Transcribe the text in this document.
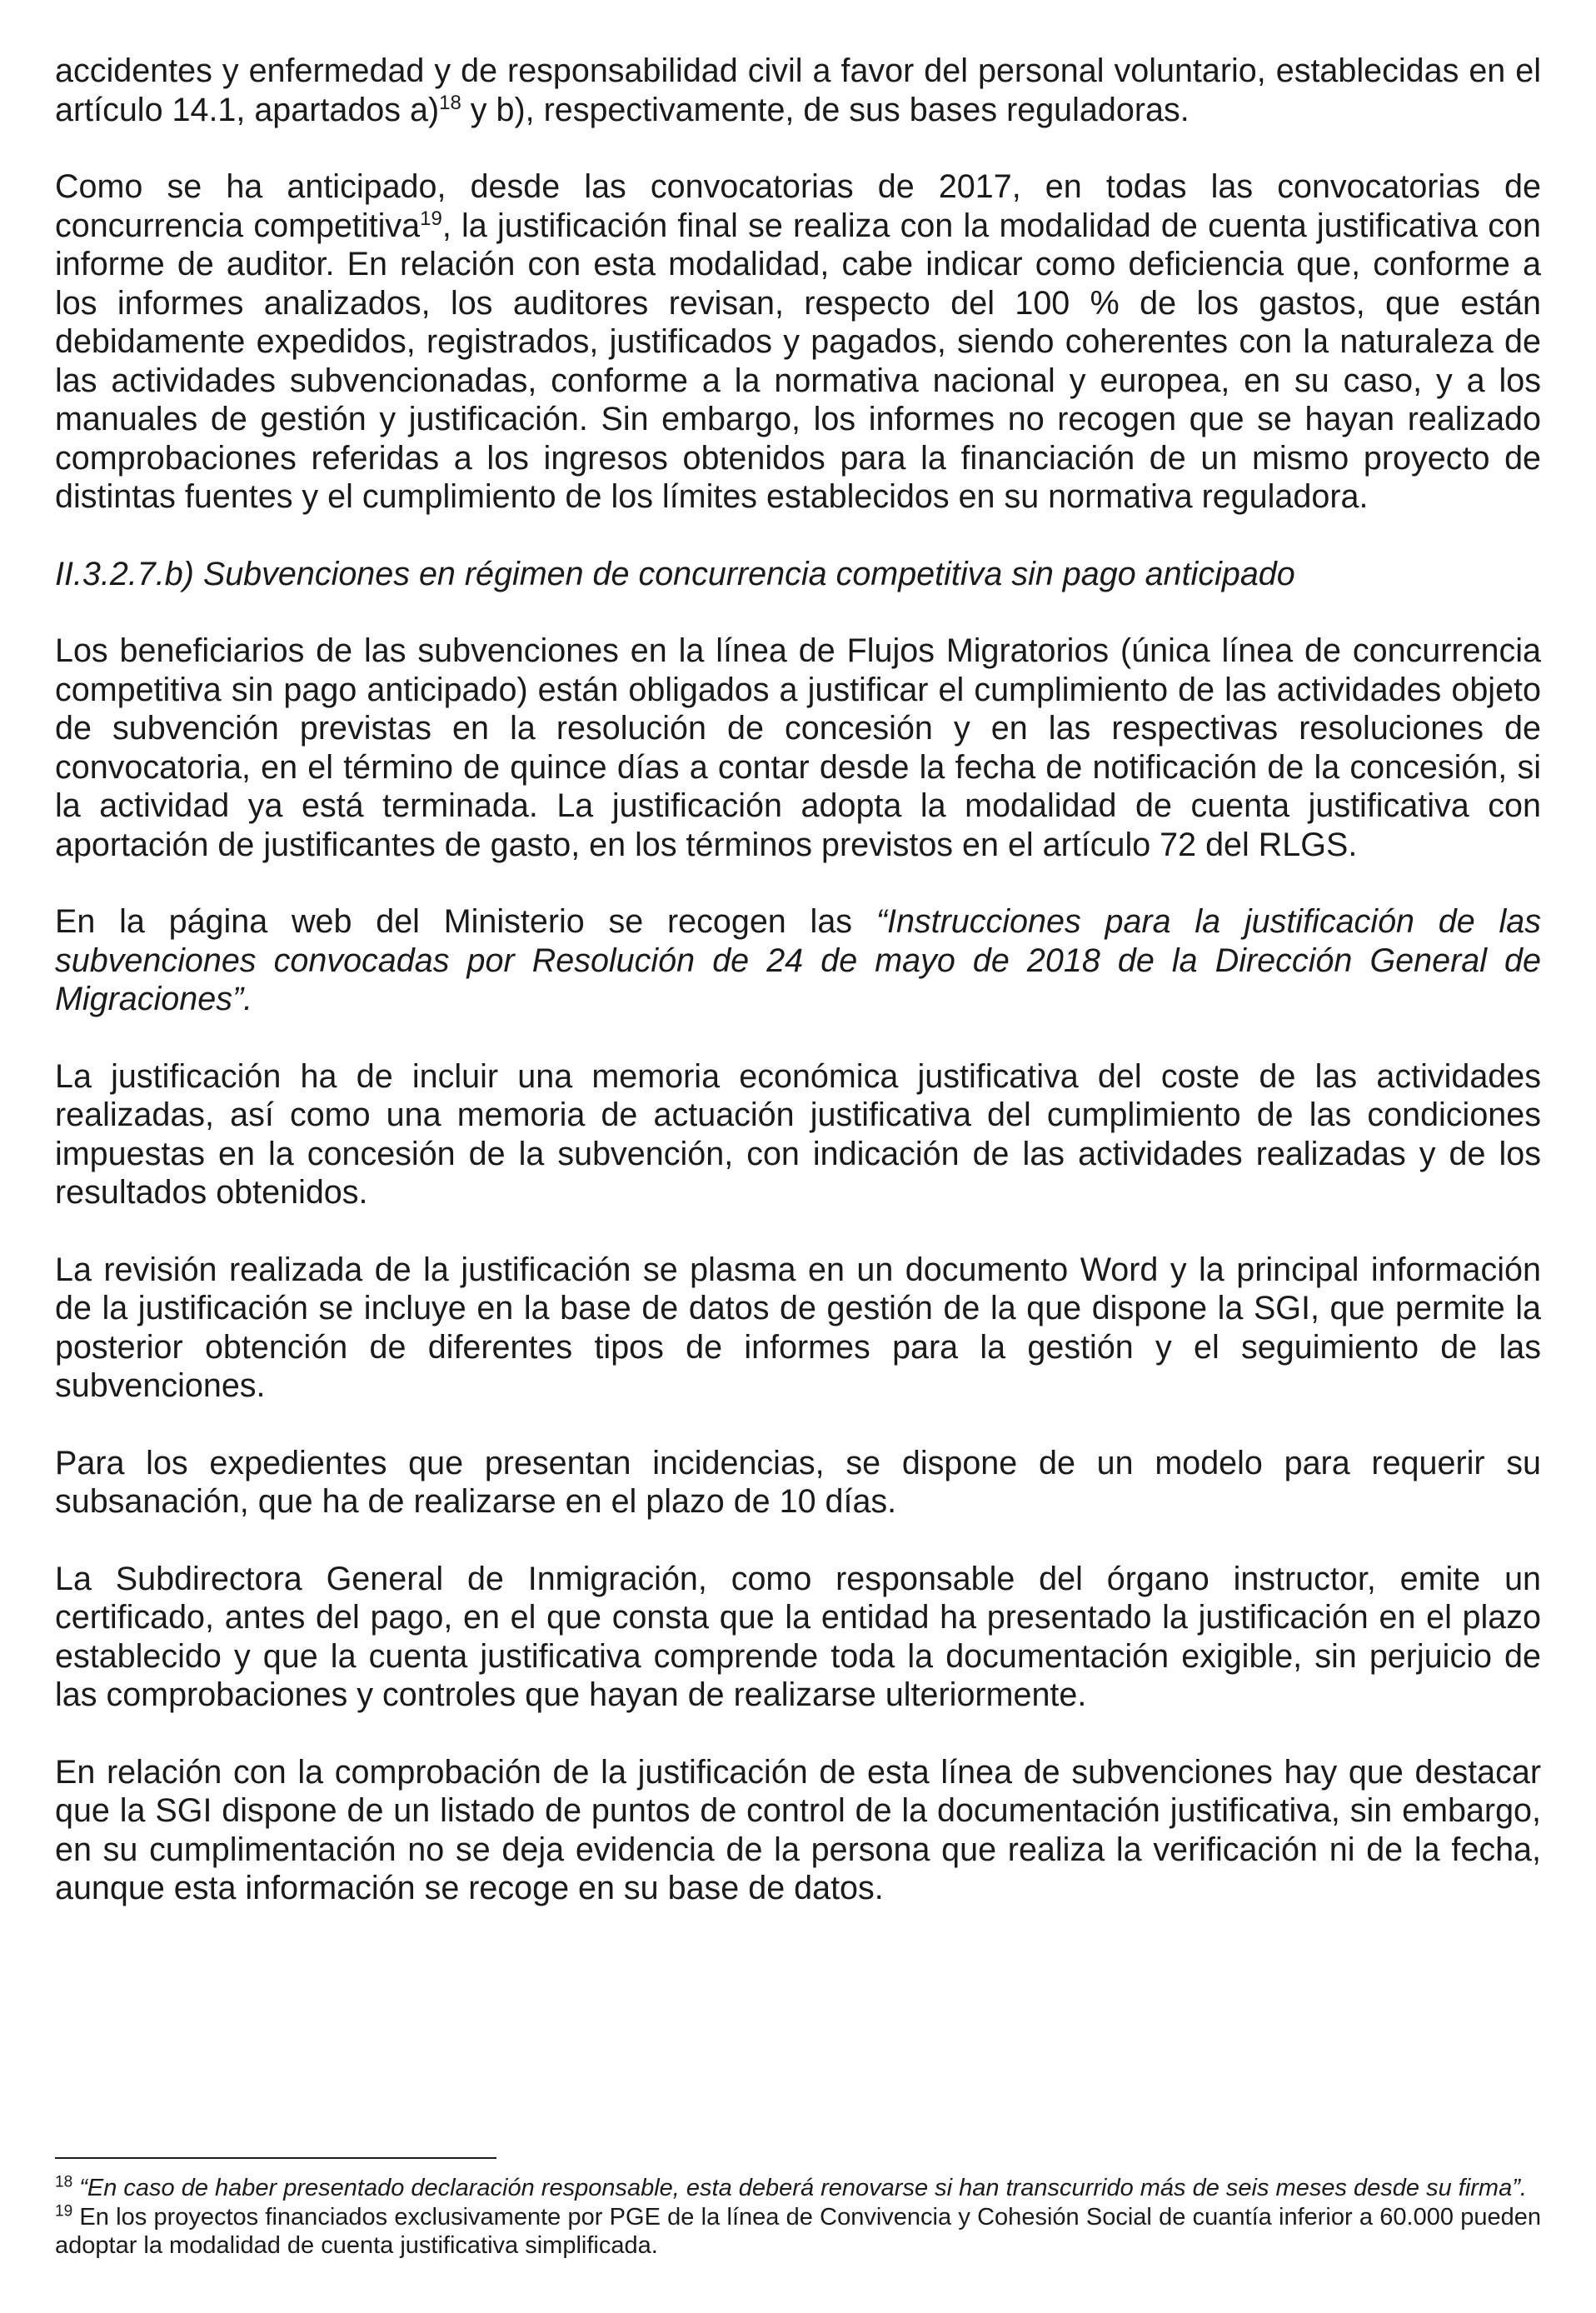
accidentes y enfermedad y de responsabilidad civil a favor del personal voluntario, establecidas en el artículo 14.1, apartados a)$^{18}$ y b), respectivamente, de sus bases reguladoras.

Como se ha anticipado, desde las convocatorias de 2017, en todas las convocatorias de concurrencia competitiva$^{19}$, la justificación final se realiza con la modalidad de cuenta justificativa con informe de auditor. En relación con esta modalidad, cabe indicar como deficiencia que, conforme a los informes analizados, los auditores revisan, respecto del 100 % de los gastos, que están debidamente expedidos, registrados, justificados y pagados, siendo coherentes con la naturaleza de las actividades subvencionadas, conforme a la normativa nacional y europea, en su caso, y a los manuales de gestión y justificación. Sin embargo, los informes no recogen que se hayan realizado comprobaciones referidas a los ingresos obtenidos para la financiación de un mismo proyecto de distintas fuentes y el cumplimiento de los límites establecidos en su normativa reguladora.

II.3.2.7.b) Subvenciones en régimen de concurrencia competitiva sin pago anticipado

Los beneficiarios de las subvenciones en la línea de Flujos Migratorios (única línea de concurrencia competitiva sin pago anticipado) están obligados a justificar el cumplimiento de las actividades objeto de subvención previstas en la resolución de concesión y en las respectivas resoluciones de convocatoria, en el término de quince días a contar desde la fecha de notificación de la concesión, si la actividad ya está terminada. La justificación adopta la modalidad de cuenta justificativa con aportación de justificantes de gasto, en los términos previstos en el artículo 72 del RLGS.

En la página web del Ministerio se recogen las “Instrucciones para la justificación de las subvenciones convocadas por Resolución de 24 de mayo de 2018 de la Dirección General de Migraciones”.

La justificación ha de incluir una memoria económica justificativa del coste de las actividades realizadas, así como una memoria de actuación justificativa del cumplimiento de las condiciones impuestas en la concesión de la subvención, con indicación de las actividades realizadas y de los resultados obtenidos.

La revisión realizada de la justificación se plasma en un documento Word y la principal información de la justificación se incluye en la base de datos de gestión de la que dispone la SGI, que permite la posterior obtención de diferentes tipos de informes para la gestión y el seguimiento de las subvenciones.

Para los expedientes que presentan incidencias, se dispone de un modelo para requerir su subsanación, que ha de realizarse en el plazo de 10 días.

La Subdirectora General de Inmigración, como responsable del órgano instructor, emite un certificado, antes del pago, en el que consta que la entidad ha presentado la justificación en el plazo establecido y que la cuenta justificativa comprende toda la documentación exigible, sin perjuicio de las comprobaciones y controles que hayan de realizarse ulteriormente.

En relación con la comprobación de la justificación de esta línea de subvenciones hay que destacar que la SGI dispone de un listado de puntos de control de la documentación justificativa, sin embargo, en su cumplimentación no se deja evidencia de la persona que realiza la verificación ni de la fecha, aunque esta información se recoge en su base de datos.

$^{18}$ “En caso de haber presentado declaración responsable, esta deberá renovarse si han transcurrido más de seis meses desde su firma”.

$^{19}$ En los proyectos financiados exclusivamente por PGE de la línea de Convivencia y Cohesión Social de cuantía inferior a 60.000 pueden adoptar la modalidad de cuenta justificativa simplificada.
